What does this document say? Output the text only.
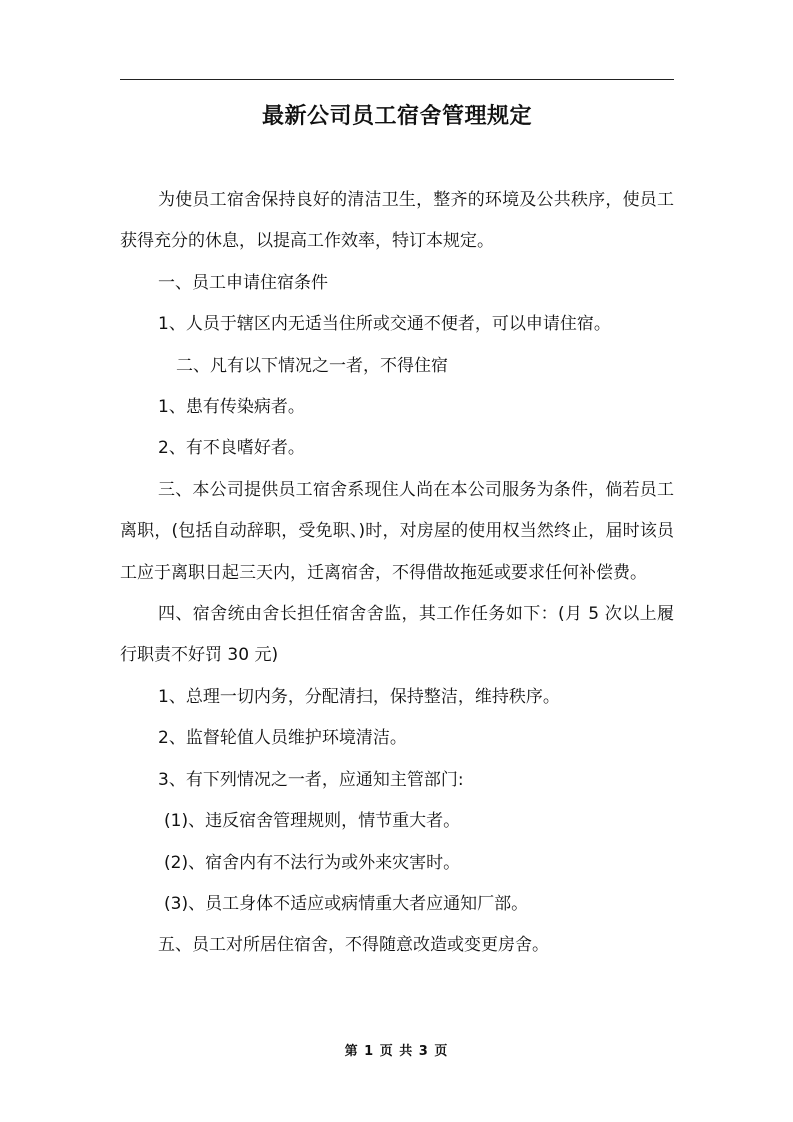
最新公司员工宿舍管理规定

为使员工宿舍保持良好的清洁卫生，整齐的环境及公共秩序，使员工获得充分的休息，以提高工作效率，特订本规定。

一、员工申请住宿条件

1、人员于辖区内无适当住所或交通不便者，可以申请住宿。

二、凡有以下情况之一者，不得住宿

1、患有传染病者。

2、有不良嗜好者。

三、本公司提供员工宿舍系现住人尚在本公司服务为条件，倘若员工离职，(包括自动辞职，受免职、)时，对房屋的使用权当然终止，届时该员工应于离职日起三天内，迁离宿舍，不得借故拖延或要求任何补偿费。

四、宿舍统由舍长担任宿舍舍监，其工作任务如下：(月 5 次以上履行职责不好罚 30 元)

1、总理一切内务，分配清扫，保持整洁，维持秩序。

2、监督轮值人员维护环境清洁。

3、有下列情况之一者，应通知主管部门:

(1)、违反宿舍管理规则，情节重大者。

(2)、宿舍内有不法行为或外来灾害时。

(3)、员工身体不适应或病情重大者应通知厂部。

五、员工对所居住宿舍，不得随意改造或变更房舍。

第 1 页 共 3 页
